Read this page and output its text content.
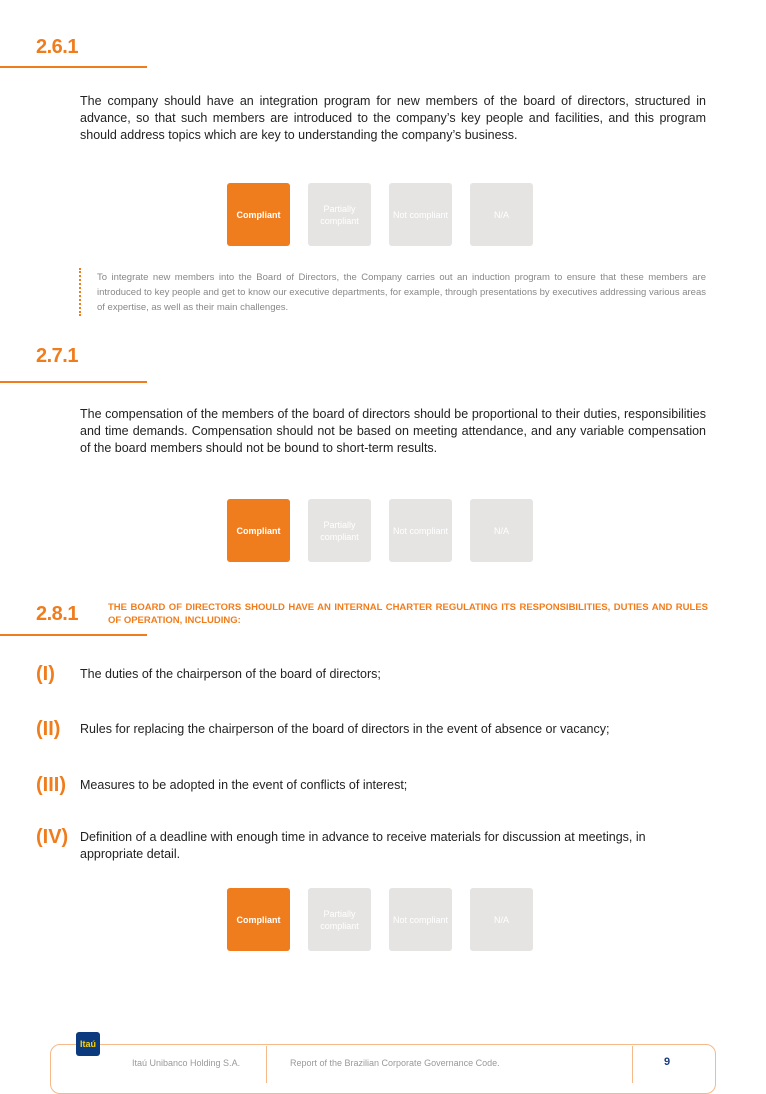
2.6.1

The company should have an integration program for new members of the board of directors, structured in advance, so that such members are introduced to the company’s key people and facilities, and this program should address topics which are key to understanding the company’s business.

Compliant
Partially compliant
Not compliant	N/A

To integrate new members into the Board of Directors, the Company carries out an induction program to ensure that these members are introduced to key people and get to know our executive departments, for example, through presentations by executives addressing various areas of expertise, as well as their main challenges.

2.7.1

The compensation of the members of the board of directors should be proportional to their duties, responsibilities and time demands. Compensation should not be based on meeting attendance, and any variable compensation of the board members should not be bound to short-term results.

Compliant
Partially compliant
Not compliant	N/A
2.8.1	THE BOARD OF DIRECTORS SHOULD HAVE AN INTERNAL CHARTER REGULATING ITS RESPONSIBILITIES, DUTIES AND RULES OF OPERATION, INCLUDING:

(I) The duties of the chairperson of the board of directors;

(II) Rules for replacing the chairperson of the board of directors in the event of absence or vacancy;

(III) Measures to be adopted in the event of conflicts of interest;

(IV) Definition of a deadline with enough time in advance to receive materials for discussion at meetings, in appropriate detail.

Compliant
Partially compliant
Not compliant	N/A
Itaú
Itaú Unibanco Holding S.A.	Report of the Brazilian Corporate Governance Code.	9
